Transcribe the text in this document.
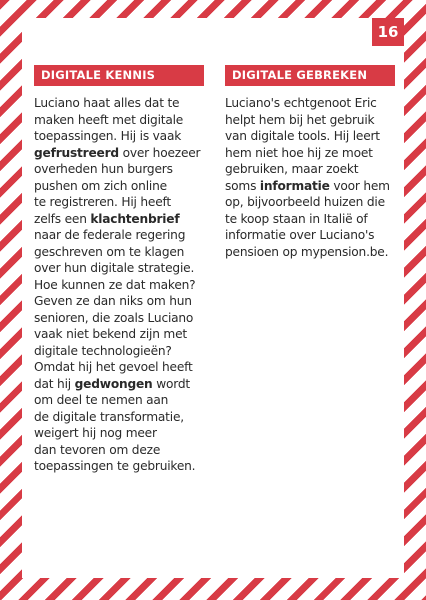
16
DIGITALE KENNIS
Luciano haat alles dat te
maken heeft met digitale
toepassingen. Hij is vaak
gefrustreerd over hoezeer
overheden hun burgers
pushen om zich online
te registreren. Hij heeft
zelfs een klachtenbrief
naar de federale regering
geschreven om te klagen
over hun digitale strategie.
Hoe kunnen ze dat maken?
Geven ze dan niks om hun
senioren, die zoals Luciano
vaak niet bekend zijn met
digitale technologieën?
Omdat hij het gevoel heeft
dat hij gedwongen wordt
om deel te nemen aan
de digitale transformatie,
weigert hij nog meer
dan tevoren om deze
toepassingen te gebruiken.
DIGITALE GEBREKEN
Luciano's echtgenoot Eric
helpt hem bij het gebruik
van digitale tools. Hij leert
hem niet hoe hij ze moet
gebruiken, maar zoekt
soms informatie voor hem
op, bijvoorbeeld huizen die
te koop staan in Italië of
informatie over Luciano's
pensioen op mypension.be.
